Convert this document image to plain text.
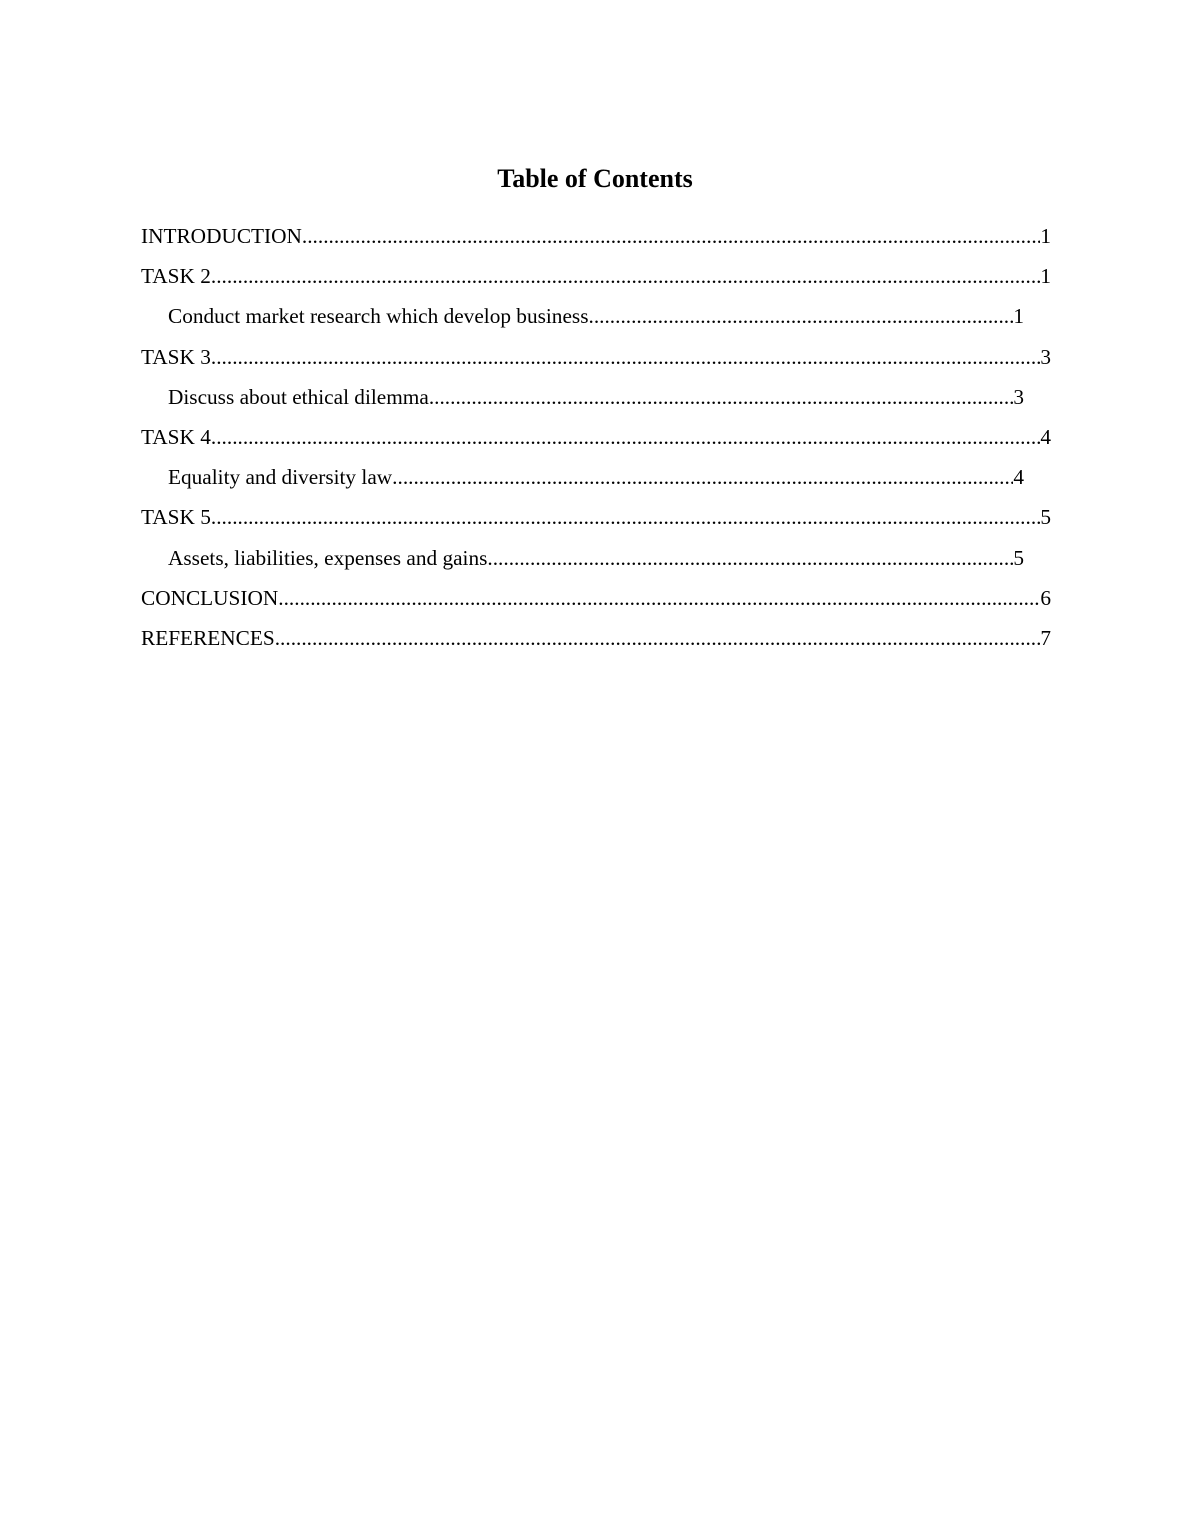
Table of Contents
INTRODUCTION .....	1
TASK 2 .....	1
Conduct market research which develop business .....	1
TASK 3 .....	3
Discuss about ethical dilemma .....	3
TASK 4 .....	4
Equality and diversity law .....	4
TASK 5 .....	5
Assets, liabilities, expenses and gains .....	5
CONCLUSION .....	6
REFERENCES .....	7
